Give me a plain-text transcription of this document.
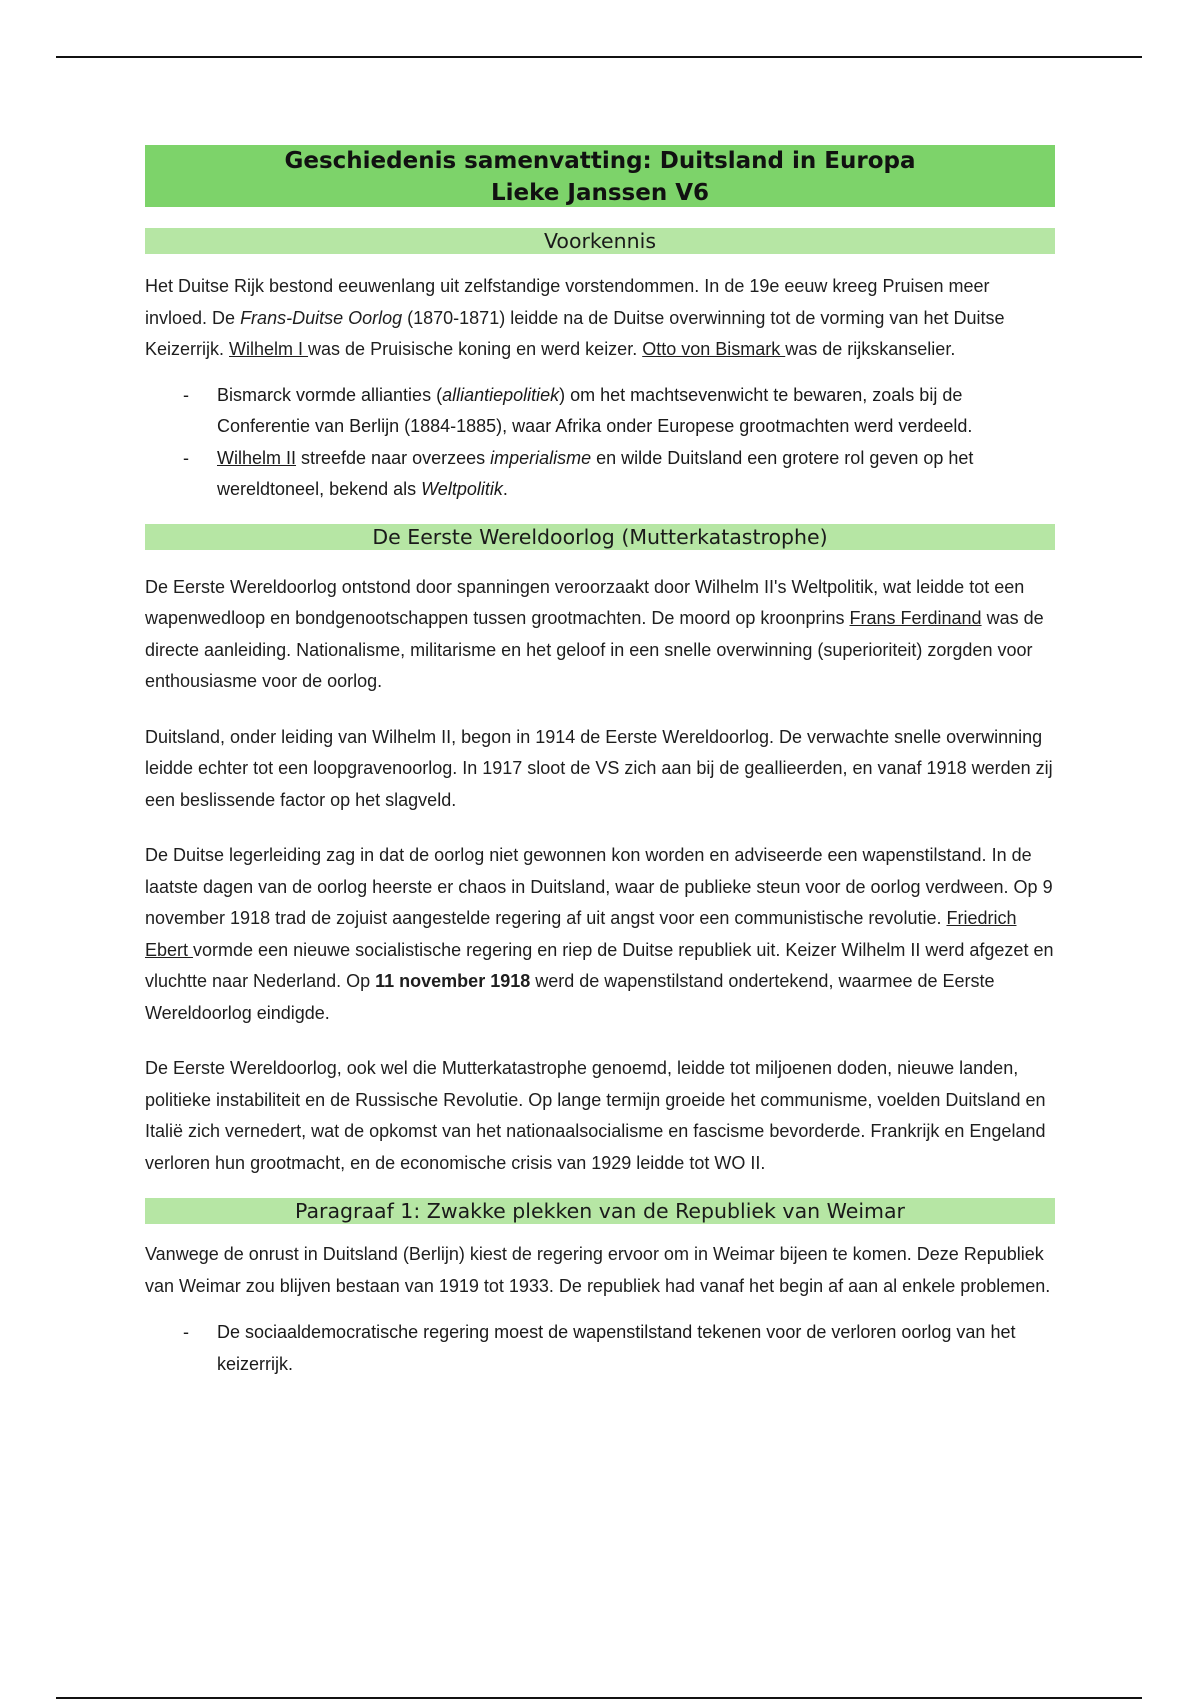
Geschiedenis samenvatting: Duitsland in Europa
Lieke Janssen V6
Voorkennis

Het Duitse Rijk bestond eeuwenlang uit zelfstandige vorstendommen. In de 19e eeuw kreeg Pruisen meer invloed. De Frans-Duitse Oorlog (1870-1871) leidde na de Duitse overwinning tot de vorming van het Duitse Keizerrijk. Wilhelm I was de Pruisische koning en werd keizer. Otto von Bismark was de rijkskanselier.

- Bismarck vormde allianties (alliantiepolitiek) om het machtsevenwicht te bewaren, zoals bij de Conferentie van Berlijn (1884-1885), waar Afrika onder Europese grootmachten werd verdeeld.
- Wilhelm II streefde naar overzees imperialisme en wilde Duitsland een grotere rol geven op het wereldtoneel, bekend als Weltpolitik.
De Eerste Wereldoorlog (Mutterkatastrophe)

De Eerste Wereldoorlog ontstond door spanningen veroorzaakt door Wilhelm II's Weltpolitik, wat leidde tot een wapenwedloop en bondgenootschappen tussen grootmachten. De moord op kroonprins Frans Ferdinand was de directe aanleiding. Nationalisme, militarisme en het geloof in een snelle overwinning (superioriteit) zorgden voor enthousiasme voor de oorlog.

Duitsland, onder leiding van Wilhelm II, begon in 1914 de Eerste Wereldoorlog. De verwachte snelle overwinning leidde echter tot een loopgravenoorlog. In 1917 sloot de VS zich aan bij de geallieerden, en vanaf 1918 werden zij een beslissende factor op het slagveld.

De Duitse legerleiding zag in dat de oorlog niet gewonnen kon worden en adviseerde een wapenstilstand. In de laatste dagen van de oorlog heerste er chaos in Duitsland, waar de publieke steun voor de oorlog verdween. Op 9 november 1918 trad de zojuist aangestelde regering af uit angst voor een communistische revolutie. Friedrich Ebert vormde een nieuwe socialistische regering en riep de Duitse republiek uit. Keizer Wilhelm II werd afgezet en vluchtte naar Nederland. Op 11 november 1918 werd de wapenstilstand ondertekend, waarmee de Eerste Wereldoorlog eindigde.

De Eerste Wereldoorlog, ook wel die Mutterkatastrophe genoemd, leidde tot miljoenen doden, nieuwe landen, politieke instabiliteit en de Russische Revolutie. Op lange termijn groeide het communisme, voelden Duitsland en Italië zich vernedert, wat de opkomst van het nationaalsocialisme en fascisme bevorderde. Frankrijk en Engeland verloren hun grootmacht, en de economische crisis van 1929 leidde tot WO II.

Paragraaf 1: Zwakke plekken van de Republiek van Weimar

Vanwege de onrust in Duitsland (Berlijn) kiest de regering ervoor om in Weimar bijeen te komen. Deze Republiek van Weimar zou blijven bestaan van 1919 tot 1933. De republiek had vanaf het begin af aan al enkele problemen.

- De sociaaldemocratische regering moest de wapenstilstand tekenen voor de verloren oorlog van het keizerrijk.
